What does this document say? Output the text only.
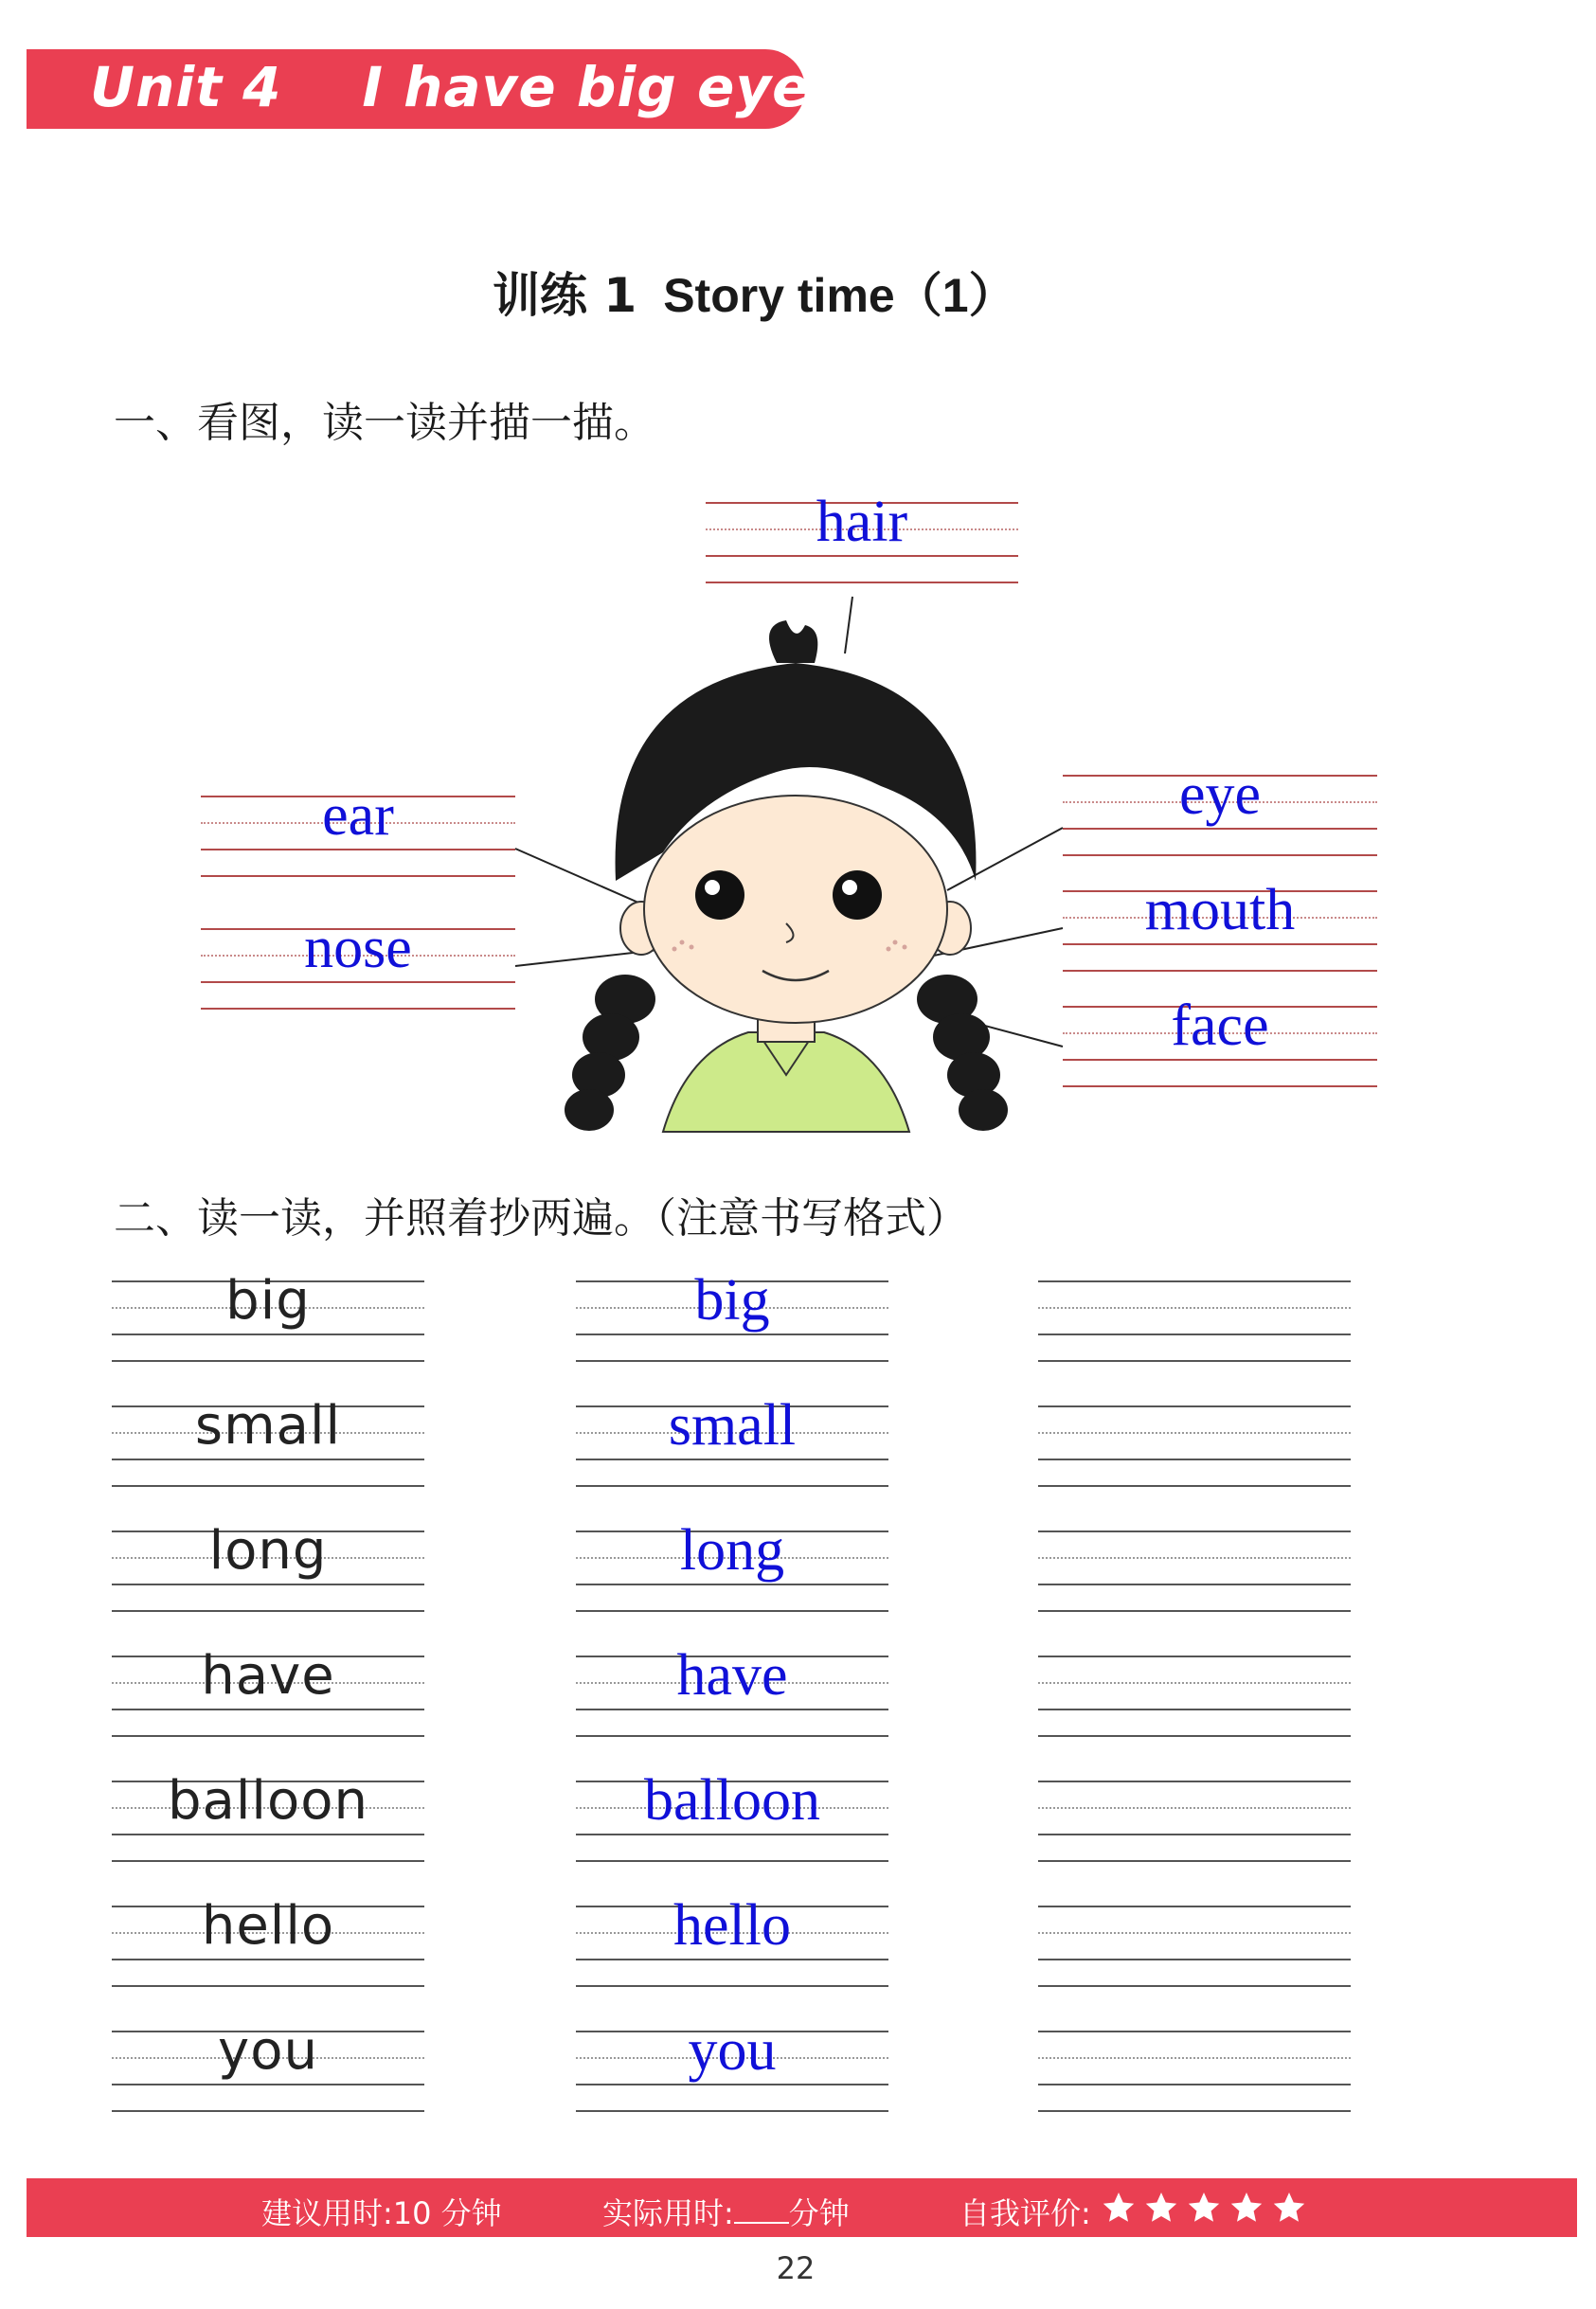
Unit 4 I have big eyes
训练 1 Story time（1）
一、看图，读一读并描一描。
hair
ear
nose
eye
mouth
face
二、读一读，并照着抄两遍。（注意书写格式）
big	big
small	small
long	long
have	have
balloon	balloon
hello	hello
you	you
建议用时:10 分钟	实际用时: 分钟	自我评价:
22
